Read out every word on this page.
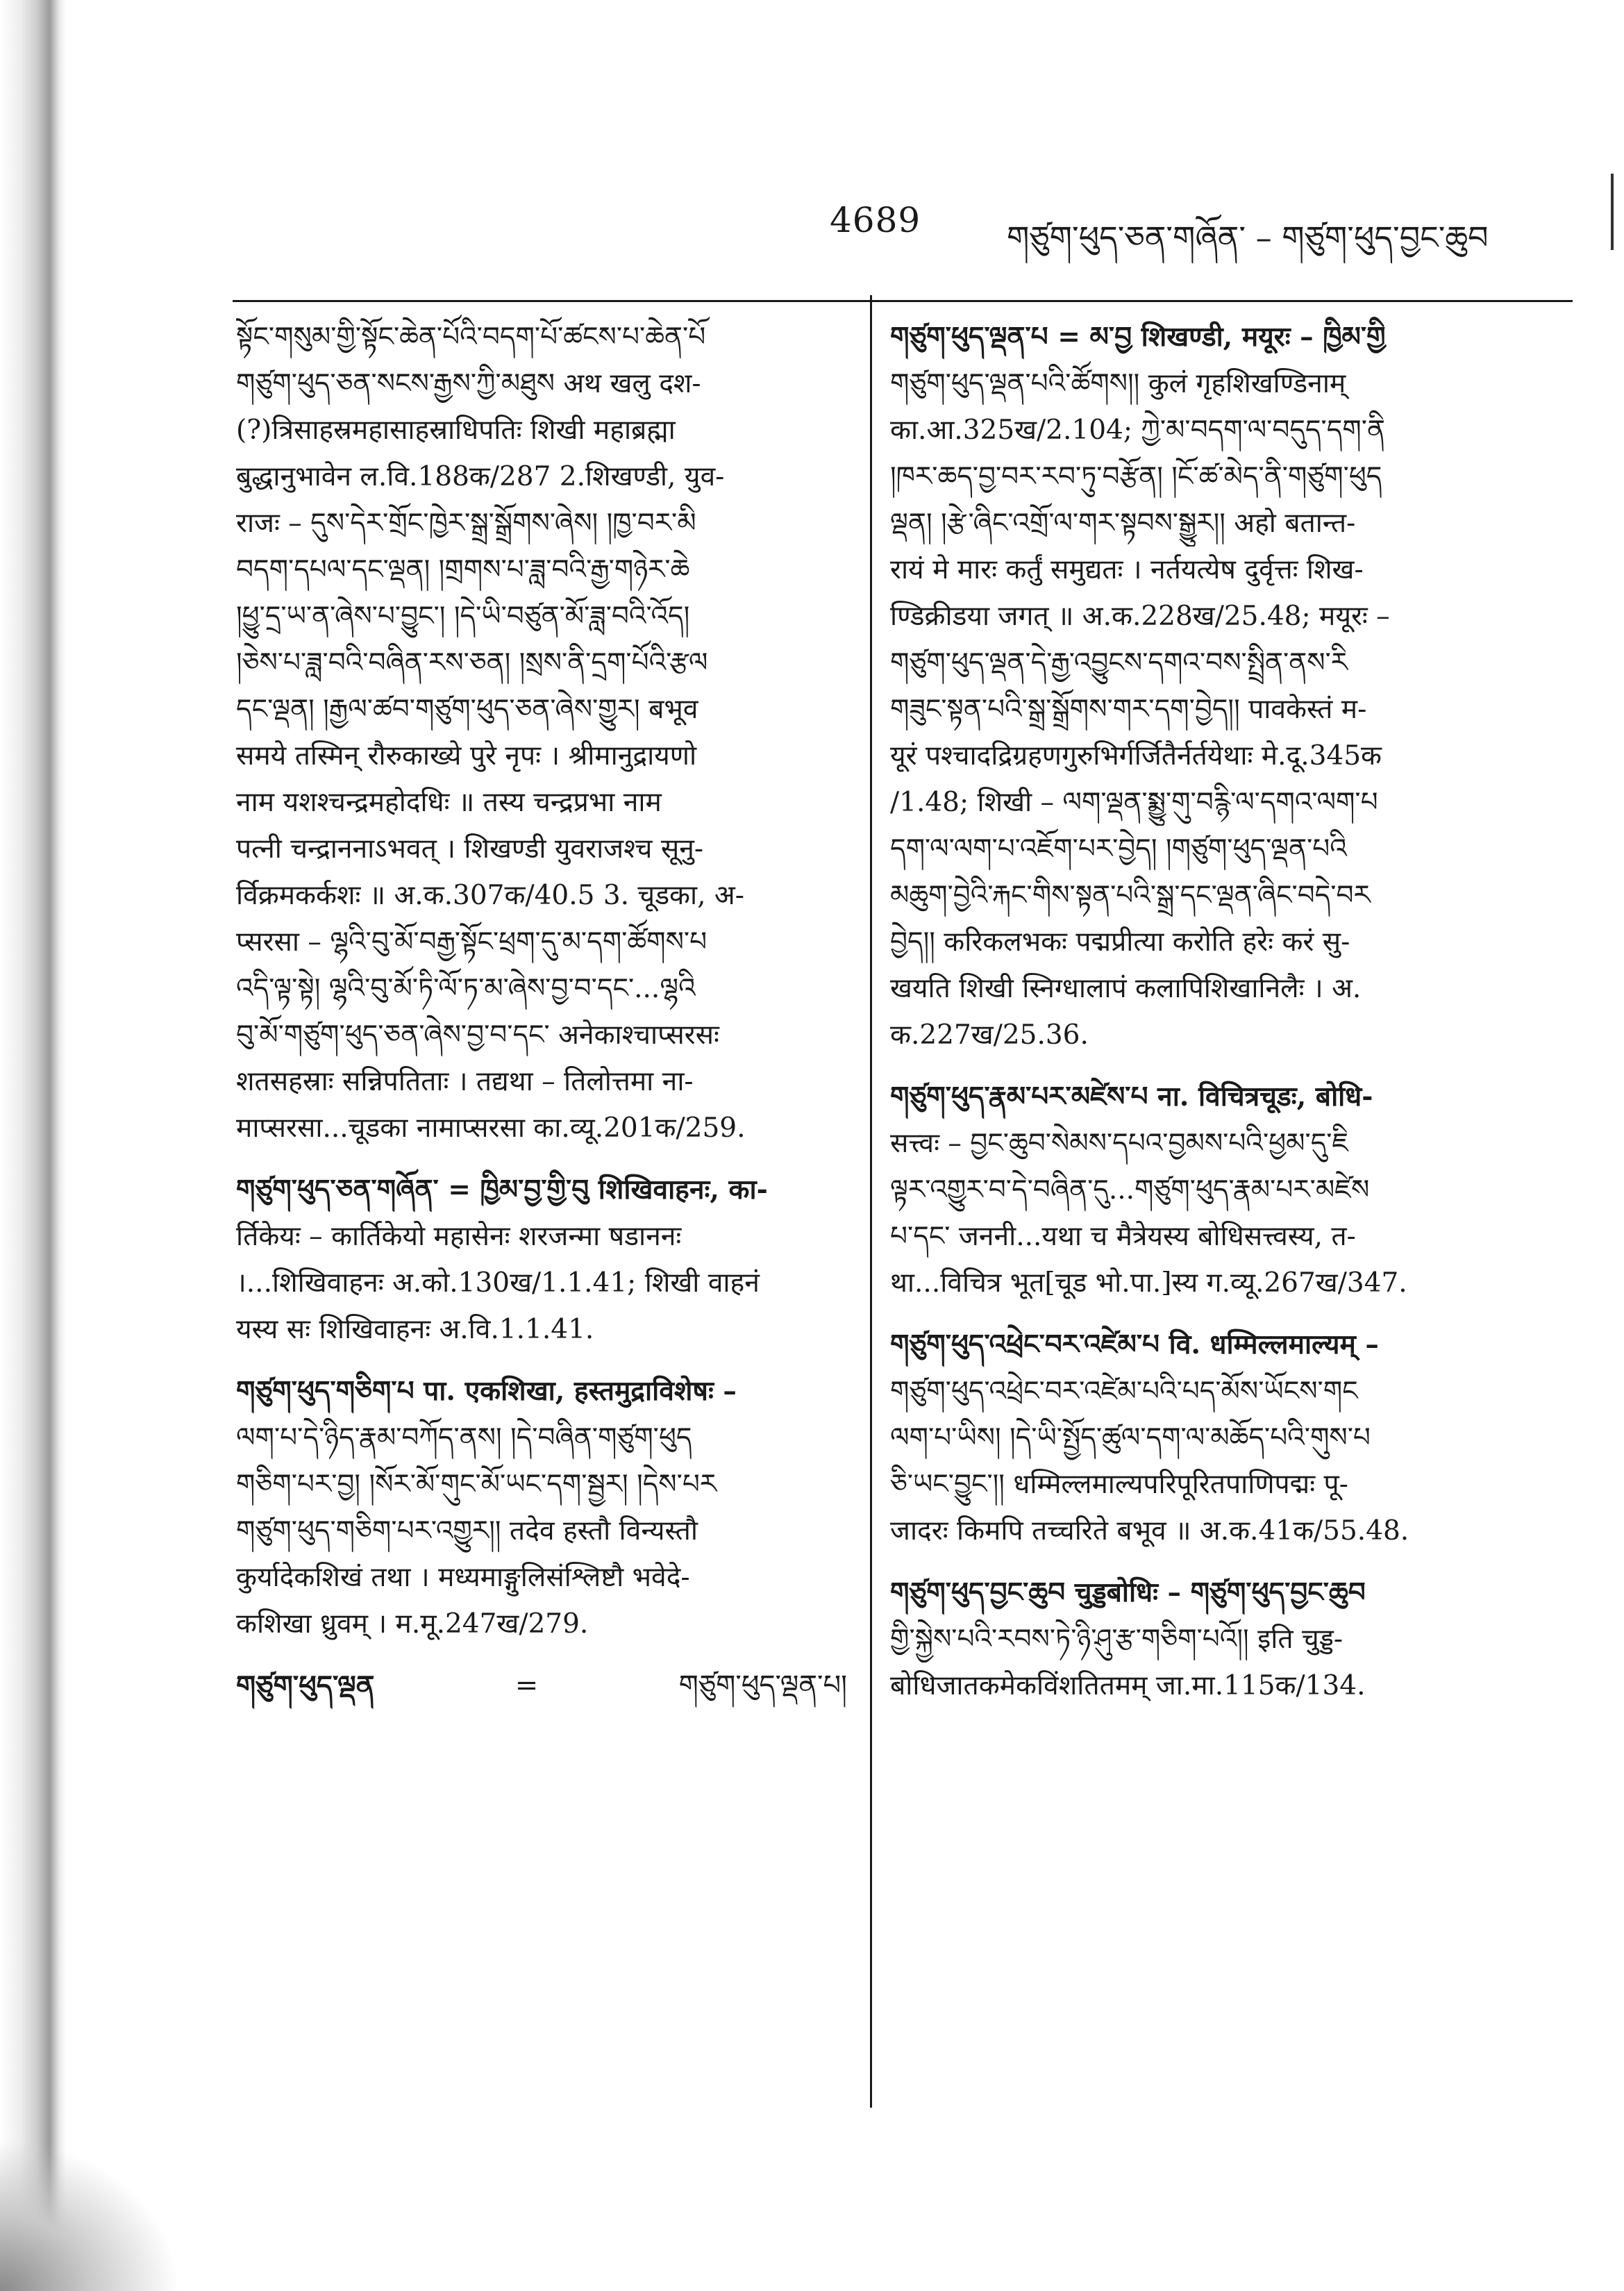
4689	གཙུག་ཕུད་ཅན་གཞོན་ – གཙུག་ཕུད་བྱང་ཆུབ
སྟོང་གསུམ་གྱི་སྟོང་ཆེན་པོའི་བདག་པོ་ཚངས་པ་ཆེན་པོ
གཙུག་ཕུད་ཅན་སངས་རྒྱས་ཀྱི་མཐུས अथ खलु दश-
(?)त्रिसाहस्रमहासाहस्राधिपतिः शिखी महाब्रह्मा
बुद्धानुभावेन ल.वि.188क/287 2.शिखण्डी, युव-
राजः – དུས་དེར་གྲོང་ཁྱེར་སྒྲ་སྒྲོགས་ཞེས། །ཁྱ་བར་མི
བདག་དཔལ་དང་ལྡན། །གྲགས་པ་ཟླ་བའི་རྒྱ་གཉེར་ཆེ
།ཕྱུ་དྲ་ཡ་ན་ཞེས་པ་བྱུང་། །དེ་ཡི་བཙུན་མོ་ཟླ་བའི་འོད།
།ཅེས་པ་ཟླ་བའི་བཞིན་རས་ཅན། །སྲས་ནི་དྲག་པོའི་རྩལ
དང་ལྡན། །རྒྱལ་ཚབ་གཙུག་ཕུད་ཅན་ཞེས་གྱུར། बभूव
समये तस्मिन् रौरुकाख्ये पुरे नृपः । श्रीमानुद्रायणो
नाम यशश्चन्द्रमहोदधिः ॥ तस्य चन्द्रप्रभा नाम
पत्नी चन्द्राननाऽभवत् । शिखण्डी युवराजश्च सूनु-
र्विक्रमकर्कशः ॥ अ.क.307क/40.5 3. चूडका, अ-
प्सरसा – ལྷའི་བུ་མོ་བརྒྱ་སྟོང་ཕྲག་དུ་མ་དག་ཚོགས་པ
འདི་ལྟ་སྟེ། ལྷའི་བུ་མོ་ཏི་ལོ་ཏ་མ་ཞེས་བྱ་བ་དང་...ལྷའི
བུ་མོ་གཙུག་ཕུད་ཅན་ཞེས་བྱ་བ་དང་ अनेकाश्चाप्सरसः
शतसहस्राः सन्निपतिताः । तद्यथा – तिलोत्तमा ना-
माप्सरसा...चूडका नामाप्सरसा का.व्यू.201क/259.
གཙུག་ཕུད་ཅན་གཞོན་ = ཁྱིམ་བྱ་གྱི་བུ शिखिवाहनः, का-
र्तिकेयः – कार्तिकेयो महासेनः शरजन्मा षडाननः
।...शिखिवाहनः अ.को.130ख/1.1.41; शिखी वाहनं
यस्य सः शिखिवाहनः अ.वि.1.1.41.
གཙུག་ཕུད་གཅིག་པ पा. एकशिखा, हस्तमुद्राविशेषः –
ལག་པ་དེ་ཉིད་རྣམ་བཀོད་ནས། །དེ་བཞིན་གཙུག་ཕུད
གཅིག་པར་བྱ། །སོར་མོ་གུང་མོ་ཡང་དག་སྦྱར། །དེས་པར
གཙུག་ཕུད་གཅིག་པར་འགྱུར།། तदेव हस्तौ विन्यस्तौ
कुर्यादेकशिखं तथा । मध्यमाङ्गुलिसंश्लिष्टौ भवेदे-
कशिखा ध्रुवम् । म.मू.247ख/279.
གཙུག་ཕུད་ལྡན	=	གཙུག་ཕུད་ལྡན་པ།
གཙུག་ཕུད་ལྡན་པ = མ་བྱ शिखण्डी, मयूरः – ཁྱིམ་གྱི
གཙུག་ཕུད་ལྡན་པའི་ཚོགས།། कुलं गृहशिखण्डिनाम्
का.आ.325ख/2.104; ཀྱེ་མ་བདག་ལ་བདུད་དག་ནི
།ཁར་ཆད་བྱ་བར་རབ་ཏུ་བརྩོན། །ངོ་ཚ་མེད་ནི་གཙུག་ཕུད
ལྡན། །རྩེ་ཞིང་འགྲོ་ལ་གར་སྟབས་སྒྱུར།། अहो बतान्त-
रायं मे मारः कर्तुं समुद्यतः । नर्तयत्येष दुर्वृत्तः शिख-
ण्डिक्रीडया जगत् ॥ अ.क.228ख/25.48; मयूरः –
གཙུག་ཕུད་ལྡན་དེ་རྒྱ་འབྱུངས་དགའ་བས་སྤྲིན་ནས་རི
གཟུང་སྟན་པའི་སྒྲ་སྒྲོགས་གར་དག་བྱེད།། पावकेस्तं म-
यूरं पश्चादद्रिग्रहणगुरुभिर्गर्जितैर्नर्तयेथाः मे.दू.345क
/1.48; शिखी – ལག་ལྡན་སྨྱུ་གུ་བརྙི་ལ་དགའ་ལག་པ
དག་ལ་ལག་པ་འཇོག་པར་བྱེད། །གཙུག་ཕུད་ལྡན་པའི
མཆུག་བྱེའི་རྐང་གིས་སྟན་པའི་སྒྲ་དང་ལྡན་ཞིང་བདེ་བར
བྱེད།། करिकलभकः पद्मप्रीत्या करोति हरेः करं सु-
खयति शिखी स्निग्धालापं कलापिशिखानिलैः । अ.
क.227ख/25.36.
གཙུག་ཕུད་རྣམ་པར་མཛེས་པ ना. विचित्रचूडः, बोधि-
सत्त्वः – བྱང་ཆུབ་སེམས་དཔའ་བྱམས་པའི་ཕྱམ་དུ་ཇི
ལྟར་འགྱུར་བ་དེ་བཞིན་དུ...གཙུག་ཕུད་རྣམ་པར་མཛེས
པ་དང་ जननी...यथा च मैत्रेयस्य बोधिसत्त्वस्य, त-
था...विचित्र भूत[चूड भो.पा.]स्य ग.व्यू.267ख/347.
གཙུག་ཕུད་འཕྲེང་བར་འཛེམ་པ वि. धम्मिल्लमाल्यम् –
གཙུག་ཕུད་འཕྲེང་བར་འཛེམ་པའི་པད་མོས་ཡོངས་གང
ལག་པ་ཡིས། །དེ་ཡི་སྤྱོད་ཚུལ་དག་ལ་མཆོད་པའི་གུས་པ
ཅི་ཡང་བྱུང་།། धम्मिल्लमाल्यपरिपूरितपाणिपद्मः पू-
जादरः किमपि तच्चरिते बभूव ॥ अ.क.41क/55.48.
གཙུག་ཕུད་བྱང་ཆུབ चुड्डबोधिः – གཙུག་ཕུད་བྱང་ཆུབ
གྱི་སྐྱེས་པའི་རབས་ཏེ་ཉི་ཤུ་རྩ་གཅིག་པའོ།། इति चुड्ड-
बोधिजातकमेकविंशतितमम् जा.मा.115क/134.
